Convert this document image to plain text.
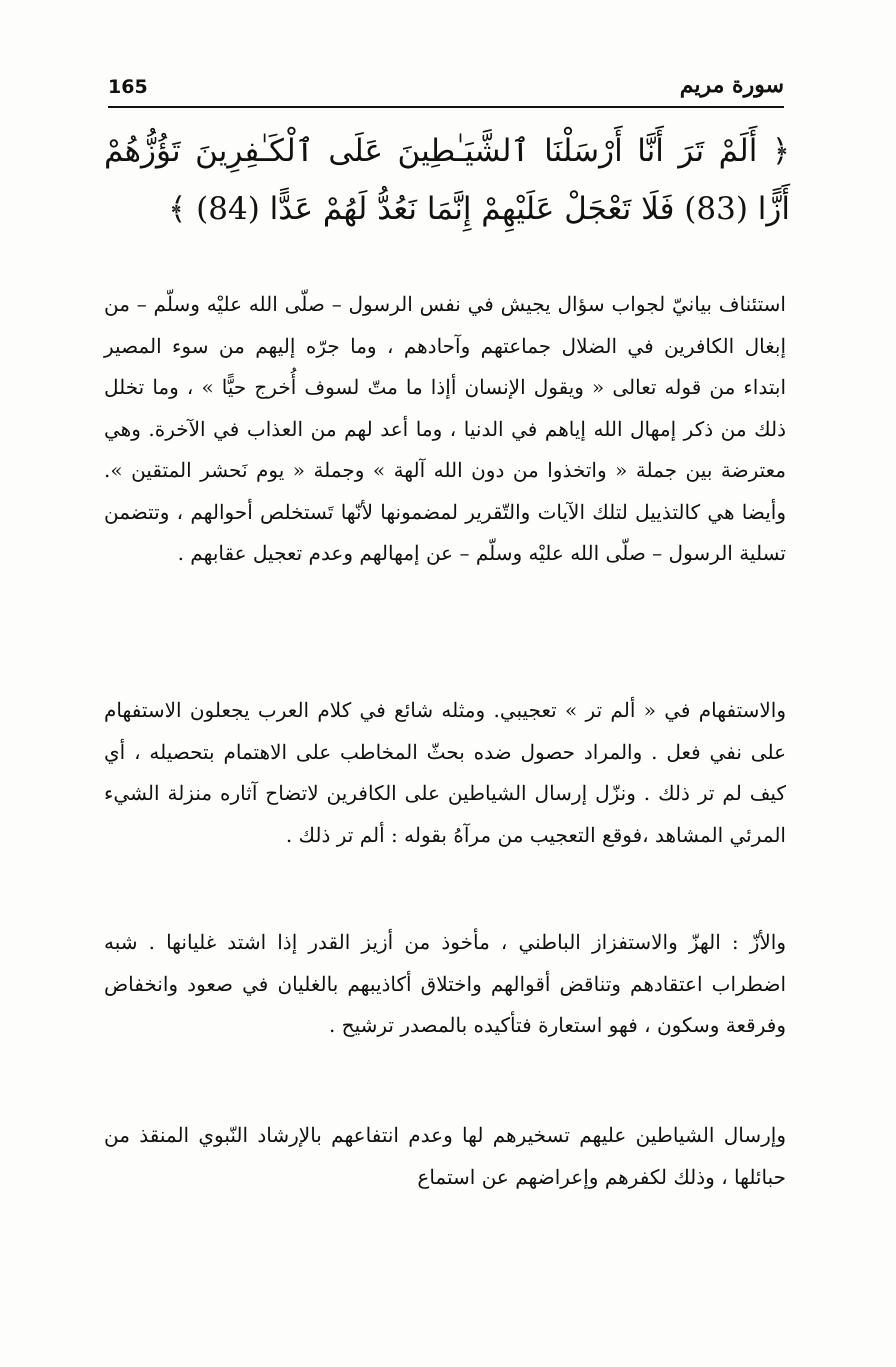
165	سورة مريم
﴿ أَلَمْ تَرَ أَنَّا أَرْسَلْنَا ٱلشَّيَـٰطِينَ عَلَى ٱلْكَـٰفِرِينَ تَؤُزُّهُمْ أَزًّا (83) فَلَا تَعْجَلْ عَلَيْهِمْ إِنَّمَا نَعُدُّ لَهُمْ عَدًّا (84) ﴾
استئناف بيانيّ لجواب سؤال يجيش في نفس الرسول – صلّى الله عليْه وسلّم – من إبغال الكافرين في الضلال جماعتهم وآحادهم ، وما جرّه إليهم من سوء المصير ابتداء من قوله تعالى « ويقول الإنسان أإذا ما متّ لسوف أُخرج حيًّا » ، وما تخلل ذلك من ذكر إمهال الله إياهم في الدنيا ، وما أعد لهم من العذاب في الآخرة. وهي معترضة بين جملة « واتخذوا من دون الله آلهة » وجملة « يوم نَحشر المتقين ». وأيضا هي كالتذييل لتلك الآيات والتّقرير لمضمونها لأنّها تَستخلص أحوالهم ، وتتضمن تسلية الرسول – صلّى الله عليْه وسلّم – عن إمهالهم وعدم تعجيل عقابهم .
والاستفهام في « ألم تر » تعجيبي. ومثله شائع في كلام العرب يجعلون الاستفهام على نفي فعل . والمراد حصول ضده بحثّ المخاطب على الاهتمام بتحصيله ، أي كيف لم تر ذلك . ونزّل إرسال الشياطين على الكافرين لاتضاح آثاره منزلة الشيء المرئي المشاهد ،فوقع التعجيب من مرآهُ بقوله : ألم تر ذلك .
والأزّ : الهزّ والاستفزاز الباطني ، مأخوذ من أزيز القدر إذا اشتد غليانها . شبه اضطراب اعتقادهم وتناقض أقوالهم واختلاق أكاذيبهم بالغليان في صعود وانخفاض وفرقعة وسكون ، فهو استعارة فتأكيده بالمصدر ترشيح .
وإرسال الشياطين عليهم تسخيرهم لها وعدم انتفاعهم بالإرشاد النّبوي المنقذ من حبائلها ، وذلك لكفرهم وإعراضهم عن استماع
